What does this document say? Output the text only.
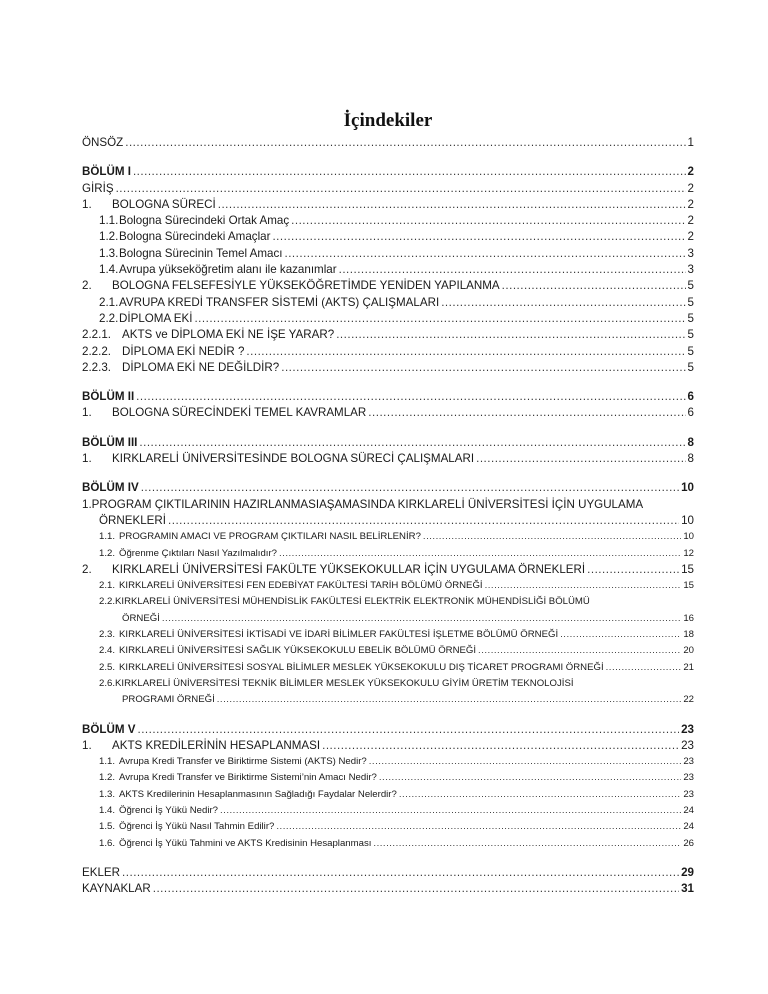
İçindekiler
ÖNSÖZ .....	1
BÖLÜM I .....	2
GİRİŞ .....	2
1.	BOLOGNA SÜRECİ .....	2
1.1. Bologna Sürecindeki Ortak Amaç .....	2
1.2. Bologna Sürecindeki Amaçlar .....	2
1.3. Bologna Sürecinin Temel Amacı .....	3
1.4. Avrupa yükseköğretim alanı ile kazanımlar .....	3
2.	BOLOGNA FELSEFESİYLE YÜKSEKÖĞRETİMDE YENİDEN YAPILANMA .....	5
2.1. AVRUPA KREDİ TRANSFER SİSTEMİ (AKTS) ÇALIŞMALARI .....	5
2.2. DİPLOMA EKİ .....	5
2.2.1. AKTS ve DİPLOMA EKİ NE İŞE YARAR? .....	5
2.2.2. DİPLOMA EKİ NEDİR ? .....	5
2.2.3. DİPLOMA EKİ NE DEĞİLDİR? .....	5
BÖLÜM II .....	6
1.	BOLOGNA SÜRECİNDEKİ TEMEL KAVRAMLAR .....	6
BÖLÜM III .....	8
1.	KIRKLARELİ ÜNİVERSİTESİNDE BOLOGNA SÜRECİ ÇALIŞMALARI .....	8
BÖLÜM IV .....	10
1.PROGRAM ÇIKTILARININ HAZIRLANMASIAŞAMASINDA KIRKLARELİ ÜNİVERSİTESİ İÇİN UYGULAMA
ÖRNEKLERİ .....	10
1.1. PROGRAMIN AMACI VE PROGRAM ÇIKTILARI NASIL BELİRLENİR? .....	10
1.2. Öğrenme Çıktıları Nasıl Yazılmalıdır? .....	12
2.	KIRKLARELİ ÜNİVERSİTESİ FAKÜLTE YÜKSEKOKULLAR İÇİN UYGULAMA ÖRNEKLERİ .....	15
2.1. KIRKLARELİ ÜNİVERSİTESİ FEN EDEBİYAT FAKÜLTESİ TARİH BÖLÜMÜ ÖRNEĞİ .....	15
2.2.KIRKLARELİ ÜNİVERSİTESİ MÜHENDİSLİK FAKÜLTESİ ELEKTRİK ELEKTRONİK MÜHENDİSLİĞİ BÖLÜMÜ
ÖRNEĞİ .....	16
2.3. KIRKLARELİ ÜNİVERSİTESİ İKTİSADİ VE İDARİ BİLİMLER FAKÜLTESİ İŞLETME BÖLÜMÜ ÖRNEĞİ .....	18
2.4. KIRKLARELİ ÜNİVERSİTESİ SAĞLIK YÜKSEKOKULU EBELİK BÖLÜMÜ ÖRNEĞİ .....	20
2.5. KIRKLARELİ ÜNİVERSİTESİ SOSYAL BİLİMLER MESLEK YÜKSEKOKULU DIŞ TİCARET PROGRAMI ÖRNEĞİ .....	21
2.6.KIRKLARELİ ÜNİVERSİTESİ TEKNİK BİLİMLER MESLEK YÜKSEKOKULU GİYİM ÜRETİM TEKNOLOJİSİ
PROGRAMI ÖRNEĞİ .....	22
BÖLÜM V .....	23
1.	AKTS KREDİLERİNİN HESAPLANMASI .....	23
1.1. Avrupa Kredi Transfer ve Biriktirme Sistemi (AKTS) Nedir? .....	23
1.2. Avrupa Kredi Transfer ve Biriktirme Sistemi’nin Amacı Nedir? .....	23
1.3. AKTS Kredilerinin Hesaplanmasının Sağladığı Faydalar Nelerdir? .....	23
1.4. Öğrenci İş Yükü Nedir? .....	24
1.5. Öğrenci İş Yükü Nasıl Tahmin Edilir? .....	24
1.6. Öğrenci İş Yükü Tahmini ve AKTS Kredisinin Hesaplanması .....	26
EKLER .....	29
KAYNAKLAR .....	31
